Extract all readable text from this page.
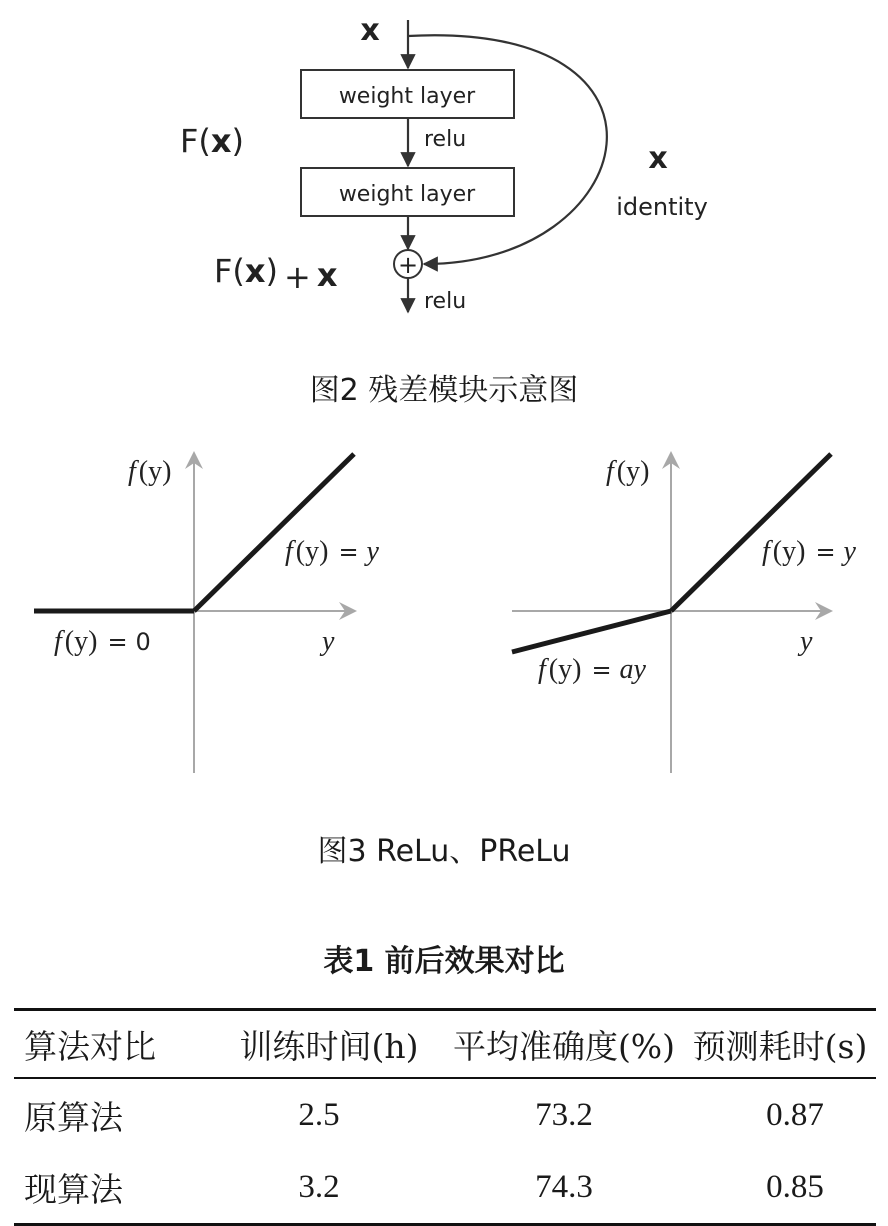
x
weight layer
relu
weight layer
+
relu
F(x)
F(x) + x
x
identity
图2 残差模块示意图
f (y)
y
f (y) = y
f (y) = 0
f (y)
y
f (y) = y
f (y) = ay
图3 ReLu、PReLu
表1 前后效果对比
算法对比	训练时间(h)	平均准确度(%)	预测耗时(s)
原算法	2.5	73.2	0.87
现算法	3.2	74.3	0.85
